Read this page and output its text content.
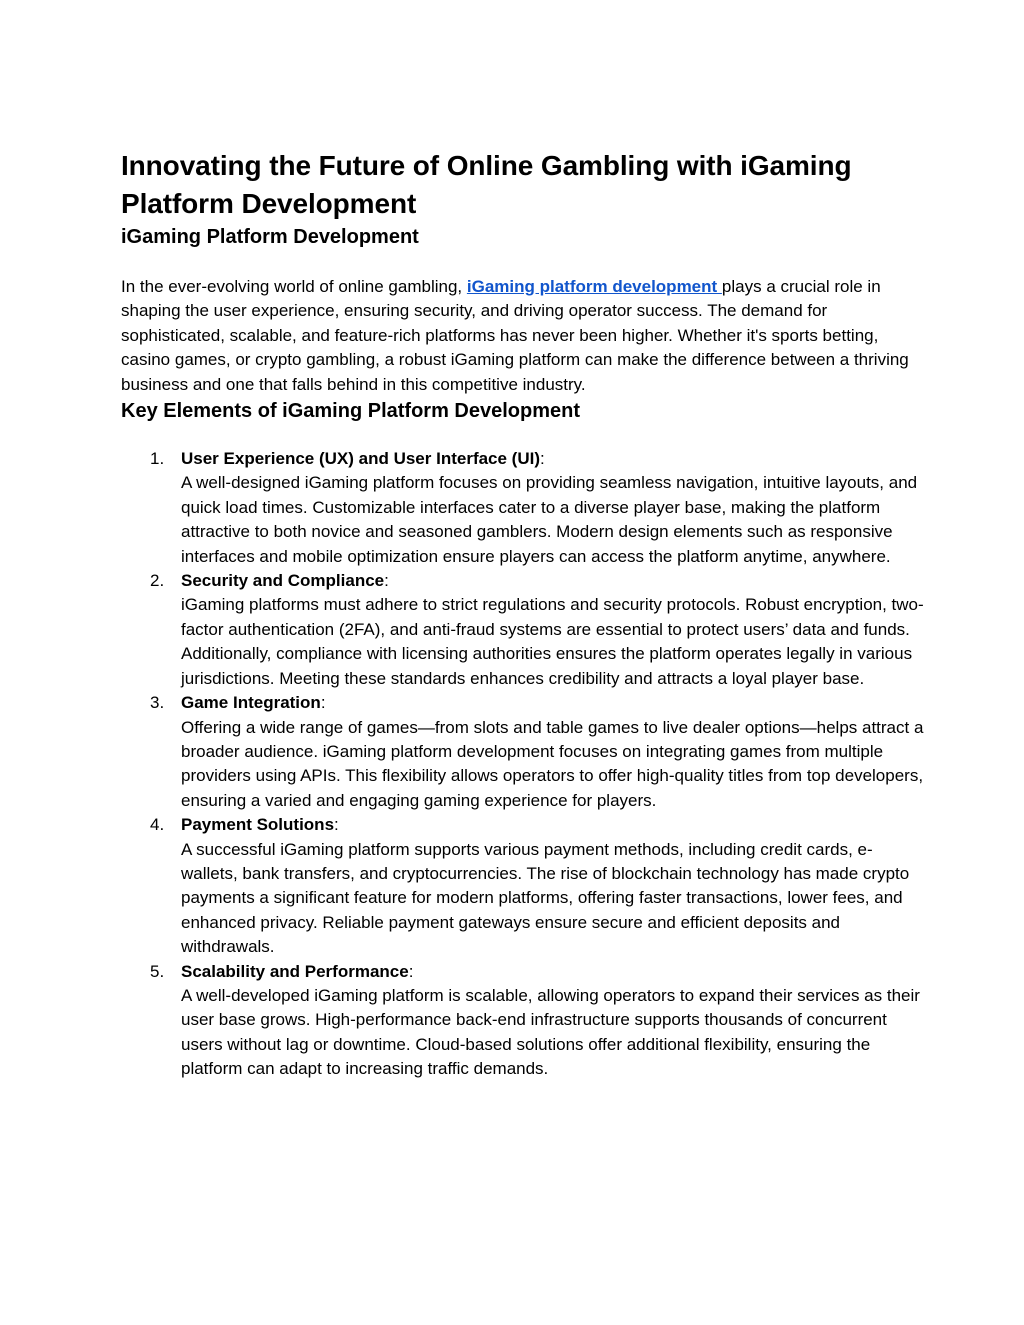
Innovating the Future of Online Gambling with iGaming Platform Development
iGaming Platform Development

In the ever-evolving world of online gambling, iGaming platform development plays a crucial role in shaping the user experience, ensuring security, and driving operator success. The demand for sophisticated, scalable, and feature-rich platforms has never been higher. Whether it's sports betting, casino games, or crypto gambling, a robust iGaming platform can make the difference between a thriving business and one that falls behind in this competitive industry.

Key Elements of iGaming Platform Development
1. User Experience (UX) and User Interface (UI):
A well-designed iGaming platform focuses on providing seamless navigation, intuitive layouts, and quick load times. Customizable interfaces cater to a diverse player base, making the platform attractive to both novice and seasoned gamblers. Modern design elements such as responsive interfaces and mobile optimization ensure players can access the platform anytime, anywhere.
2. Security and Compliance:
iGaming platforms must adhere to strict regulations and security protocols. Robust encryption, two-factor authentication (2FA), and anti-fraud systems are essential to protect users’ data and funds. Additionally, compliance with licensing authorities ensures the platform operates legally in various jurisdictions. Meeting these standards enhances credibility and attracts a loyal player base.
3. Game Integration:
Offering a wide range of games—from slots and table games to live dealer options—helps attract a broader audience. iGaming platform development focuses on integrating games from multiple providers using APIs. This flexibility allows operators to offer high-quality titles from top developers, ensuring a varied and engaging gaming experience for players.
4. Payment Solutions:
A successful iGaming platform supports various payment methods, including credit cards, e-wallets, bank transfers, and cryptocurrencies. The rise of blockchain technology has made crypto payments a significant feature for modern platforms, offering faster transactions, lower fees, and enhanced privacy. Reliable payment gateways ensure secure and efficient deposits and withdrawals.
5. Scalability and Performance:
A well-developed iGaming platform is scalable, allowing operators to expand their services as their user base grows. High-performance back-end infrastructure supports thousands of concurrent users without lag or downtime. Cloud-based solutions offer additional flexibility, ensuring the platform can adapt to increasing traffic demands.
